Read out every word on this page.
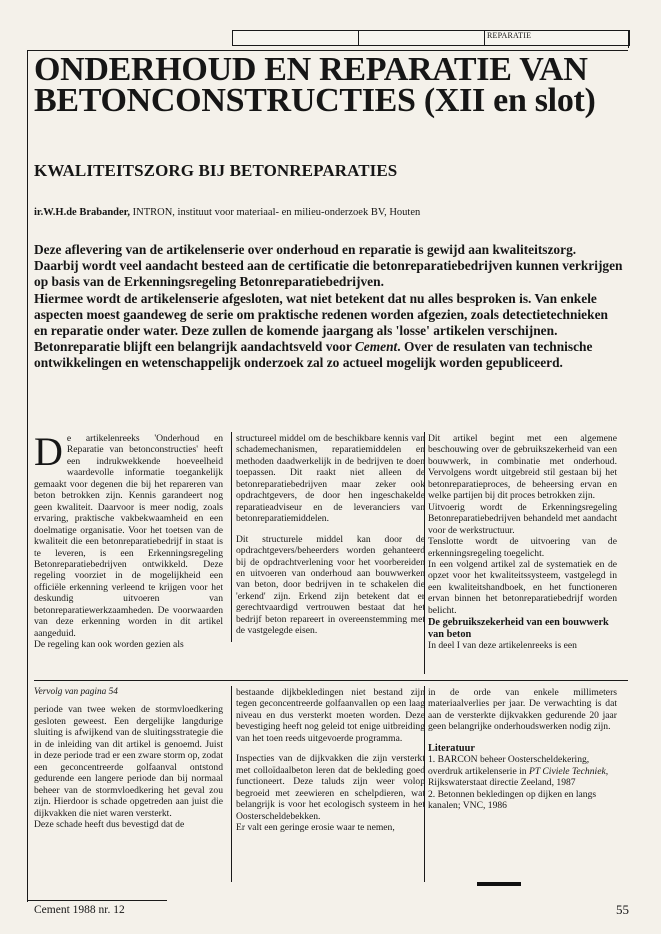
REPARATIE
ONDERHOUD EN REPARATIE VAN BETONCONSTRUCTIES (XII en slot)
KWALITEITSZORG BIJ BETONREPARATIES
ir.W.H.de Brabander, INTRON, instituut voor materiaal- en milieu-onderzoek BV, Houten

Deze aflevering van de artikelenserie over onderhoud en reparatie is gewijd aan kwaliteitszorg. Daarbij wordt veel aandacht besteed aan de certificatie die betonreparatiebedrijven kunnen verkrijgen op basis van de Erkenningsregeling Betonreparatiebedrijven.

Hiermee wordt de artikelenserie afgesloten, wat niet betekent dat nu alles besproken is. Van enkele aspecten moest gaandeweg de serie om praktische redenen worden afgezien, zoals detectietechnieken en reparatie onder water. Deze zullen de komende jaargang als 'losse' artikelen verschijnen. Betonreparatie blijft een belangrijk aandachtsveld voor Cement. Over de resulaten van technische ontwikkelingen en wetenschappelijk onderzoek zal zo actueel mogelijk worden gepubliceerd.

De artikelenreeks 'Onderhoud en Reparatie van betonconstructies' heeft een indrukwekkende hoeveelheid waardevolle informatie toegankelijk gemaakt voor degenen die bij het repareren van beton betrokken zijn. Kennis garandeert nog geen kwaliteit. Daarvoor is meer nodig, zoals ervaring, praktische vakbekwaamheid en een doelmatige organisatie. Voor het toetsen van de kwaliteit die een betonreparatiebedrijf in staat is te leveren, is een Erkenningsregeling Betonreparatiebedrijven ontwikkeld. Deze regeling voorziet in de mogelijkheid een officiële erkenning verleend te krijgen voor het deskundig uitvoeren van betonreparatiewerkzaamheden. De voorwaarden van deze erkenning worden in dit artikel aangeduid.

De regeling kan ook worden gezien als

structureel middel om de beschikbare kennis van schademechanismen, reparatiemiddelen en methoden daadwerkelijk in de bedrijven te doen toepassen. Dit raakt niet alleen de betonreparatiebedrijven maar zeker ook opdrachtgevers, de door hen ingeschakelde reparatieadviseur en de leveranciers van betonreparatiemiddelen.

Dit structurele middel kan door de opdrachtgevers/beheerders worden gehanteerd bij de opdrachtverlening voor het voorbereiden en uitvoeren van onderhoud aan bouwwerken van beton, door bedrijven in te schakelen die 'erkend' zijn. Erkend zijn betekent dat er gerechtvaardigd vertrouwen bestaat dat het bedrijf beton repareert in overeenstemming met de vastgelegde eisen.

Dit artikel begint met een algemene beschouwing over de gebruikszekerheid van een bouwwerk, in combinatie met onderhoud. Vervolgens wordt uitgebreid stil gestaan bij het betonreparatieproces, de beheersing ervan en welke partijen bij dit proces betrokken zijn.

Uitvoerig wordt de Erkenningsregeling Betonreparatiebedrijven behandeld met aandacht voor de werkstructuur.

Tenslotte wordt de uitvoering van de erkenningsregeling toegelicht.

In een volgend artikel zal de systematiek en de opzet voor het kwaliteitssysteem, vastgelegd in een kwaliteitshandboek, en het functioneren ervan binnen het betonreparatiebedrijf worden belicht.

De gebruikszekerheid van een bouwwerk van beton

In deel I van deze artikelenreeks is een

Vervolg van pagina 54

periode van twee weken de stormvloedkering gesloten geweest. Een dergelijke langdurige sluiting is afwijkend van de sluitingsstrategie die in de inleiding van dit artikel is genoemd. Juist in deze periode trad er een zware storm op, zodat een geconcentreerde golfaanval ontstond gedurende een langere periode dan bij normaal beheer van de stormvloedkering het geval zou zijn. Hierdoor is schade opgetreden aan juist die dijkvakken die niet waren versterkt.

Deze schade heeft dus bevestigd dat de

bestaande dijkbekledingen niet bestand zijn tegen geconcentreerde golfaanvallen op een laag niveau en dus versterkt moeten worden. Deze bevestiging heeft nog geleid tot enige uitbreiding van het toen reeds uitgevoerde programma.

Inspecties van de dijkvakken die zijn versterkt met colloïdaalbeton leren dat de bekleding goed functioneert. Deze taluds zijn weer volop begroeid met zeewieren en schelpdieren, wat belangrijk is voor het ecologisch systeem in het Oosterscheldebekken.

Er valt een geringe erosie waar te nemen,

in de orde van enkele millimeters materiaalverlies per jaar. De verwachting is dat aan de versterkte dijkvakken gedurende 20 jaar geen belangrijke onderhoudswerken nodig zijn.

Literatuur

1. BARCON beheer Oosterscheldekering, overdruk artikelenserie in PT Civiele Techniek, Rijkswaterstaat directie Zeeland, 1987

2. Betonnen bekledingen op dijken en langs kanalen; VNC, 1986

Cement 1988 nr. 12	55
